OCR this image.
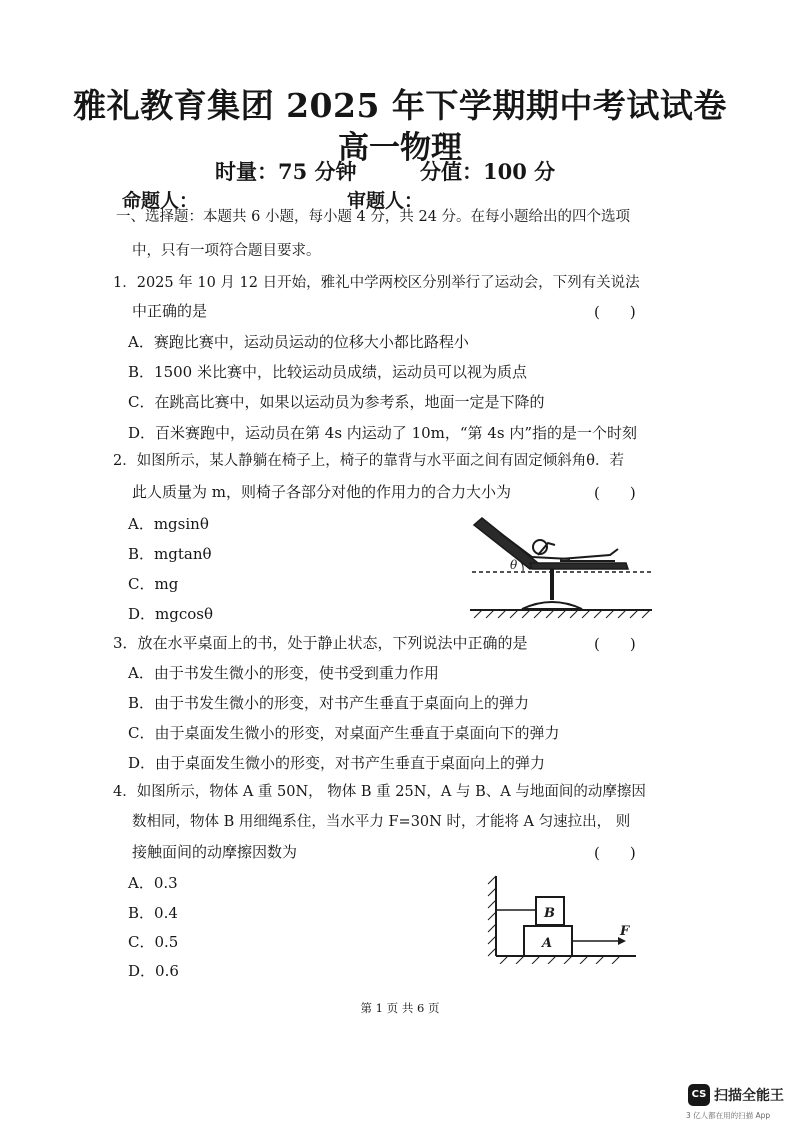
雅礼教育集团 2025 年下学期期中考试试卷
高一物理
时量：75 分钟	分值：100 分
命题人：	审题人：
一、选择题：本题共 6 小题，每小题 4 分，共 24 分。在每小题给出的四个选项
中，只有一项符合题目要求。
1．2025 年 10 月 12 日开始，雅礼中学两校区分别举行了运动会，下列有关说法
中正确的是	(　　)
A．赛跑比赛中，运动员运动的位移大小都比路程小
B．1500 米比赛中，比较运动员成绩，运动员可以视为质点
C．在跳高比赛中，如果以运动员为参考系，地面一定是下降的
D．百米赛跑中，运动员在第 4s 内运动了 10m，“第 4s 内”指的是一个时刻
2．如图所示，某人静躺在椅子上，椅子的靠背与水平面之间有固定倾斜角θ．若
此人质量为 m，则椅子各部分对他的作用力的合力大小为	(　　)
A．mgsinθ
B．mgtanθ
C．mg
D．mgcosθ
θ
3．放在水平桌面上的书，处于静止状态，下列说法中正确的是	(　　)
A．由于书发生微小的形变，使书受到重力作用
B．由于书发生微小的形变，对书产生垂直于桌面向上的弹力
C．由于桌面发生微小的形变，对桌面产生垂直于桌面向下的弹力
D．由于桌面发生微小的形变，对书产生垂直于桌面向上的弹力
4．如图所示，物体 A 重 50N， 物体 B 重 25N，A 与 B、A 与地面间的动摩擦因
数相同，物体 B 用细绳系住，当水平力 F=30N 时，才能将 A 匀速拉出， 则
接触面间的动摩擦因数为	(　　)
A．0.3
B．0.4
C．0.5
D．0.6
B
A
F
第 1 页 共 6 页
CS 扫描全能王
3 亿人都在用的扫描 App
